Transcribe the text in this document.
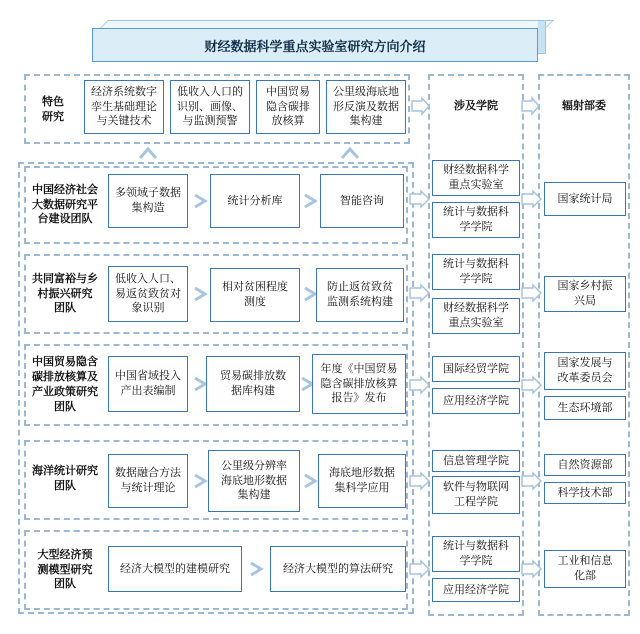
财经数据科学重点实验室研究方向介绍
特色
研究
经济系统数字
孪生基础理论
与关键技术
低收入人口的
识别、画像、
与监测预警
中国贸易
隐含碳排
放核算
公里级海底地
形反演及数据
集构建
涉及学院	辐射部委
中国经济社会
大数据研究平
台建设团队
多领域子数据
集构造
统计分析库	智能咨询
财经数据科学
重点实验室
统计与数据科
学学院
国家统计局
共同富裕与乡
村振兴研究
团队
低收入人口、
易返贫致贫对
象识别
相对贫困程度
测度
防止返贫致贫
监测系统构建
统计与数据科
学学院
财经数据科学
重点实验室
国家乡村振
兴局
中国贸易隐含
碳排放核算及
产业政策研究
团队
中国省域投入
产出表编制
贸易碳排放数
据库构建
年度《中国贸易
隐含碳排放核算
报告》发布
国际经贸学院
应用经济学院
国家发展与
改革委员会
生态环境部
海洋统计研究
团队
数据融合方法
与统计理论
公里级分辨率
海底地形数据
集构建
海底地形数据
集科学应用
信息管理学院
软件与物联网
工程学院
自然资源部
科学技术部
大型经济预
测模型研究
团队
经济大模型的建模研究	经济大模型的算法研究
统计与数据科
学学院
应用经济学院
工业和信息
化部
